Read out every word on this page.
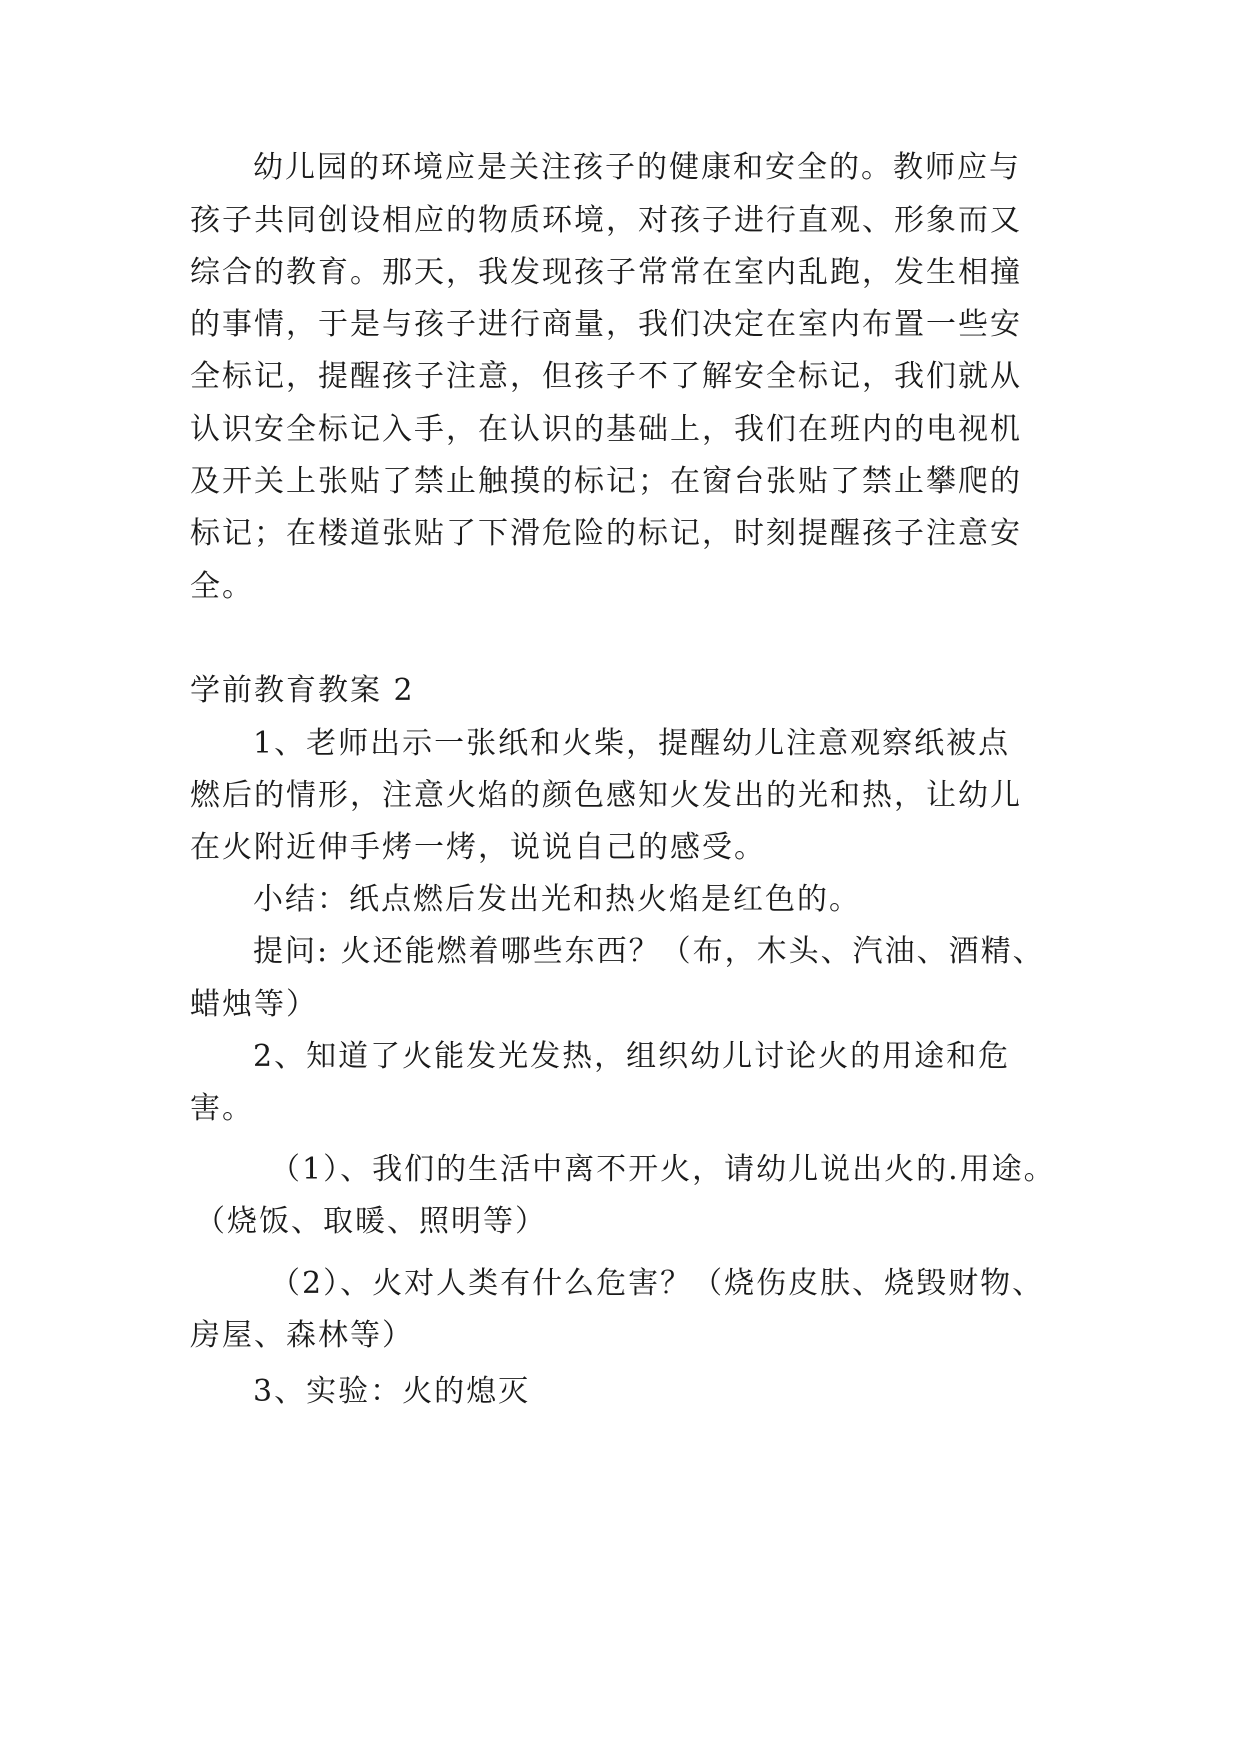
幼儿园的环境应是关注孩子的健康和安全的。教师应与
孩子共同创设相应的物质环境，对孩子进行直观、形象而又
综合的教育。那天，我发现孩子常常在室内乱跑，发生相撞
的事情，于是与孩子进行商量，我们决定在室内布置一些安
全标记，提醒孩子注意，但孩子不了解安全标记，我们就从
认识安全标记入手，在认识的基础上，我们在班内的电视机
及开关上张贴了禁止触摸的标记；在窗台张贴了禁止攀爬的
标记；在楼道张贴了下滑危险的标记，时刻提醒孩子注意安
全。
学前教育教案 2
1、老师出示一张纸和火柴，提醒幼儿注意观察纸被点
燃后的情形，注意火焰的颜色感知火发出的光和热，让幼儿
在火附近伸手烤一烤，说说自己的感受。
小结：纸点燃后发出光和热火焰是红色的。
提问: 火还能燃着哪些东西？（布，木头、汽油、酒精、
蜡烛等）
2、知道了火能发光发热，组织幼儿讨论火的用途和危
害。
（1）、我们的生活中离不开火，请幼儿说出火的.用途。
（烧饭、取暖、照明等）
（2）、火对人类有什么危害？（烧伤皮肤、烧毁财物、
房屋、森林等）
3、实验：火的熄灭
